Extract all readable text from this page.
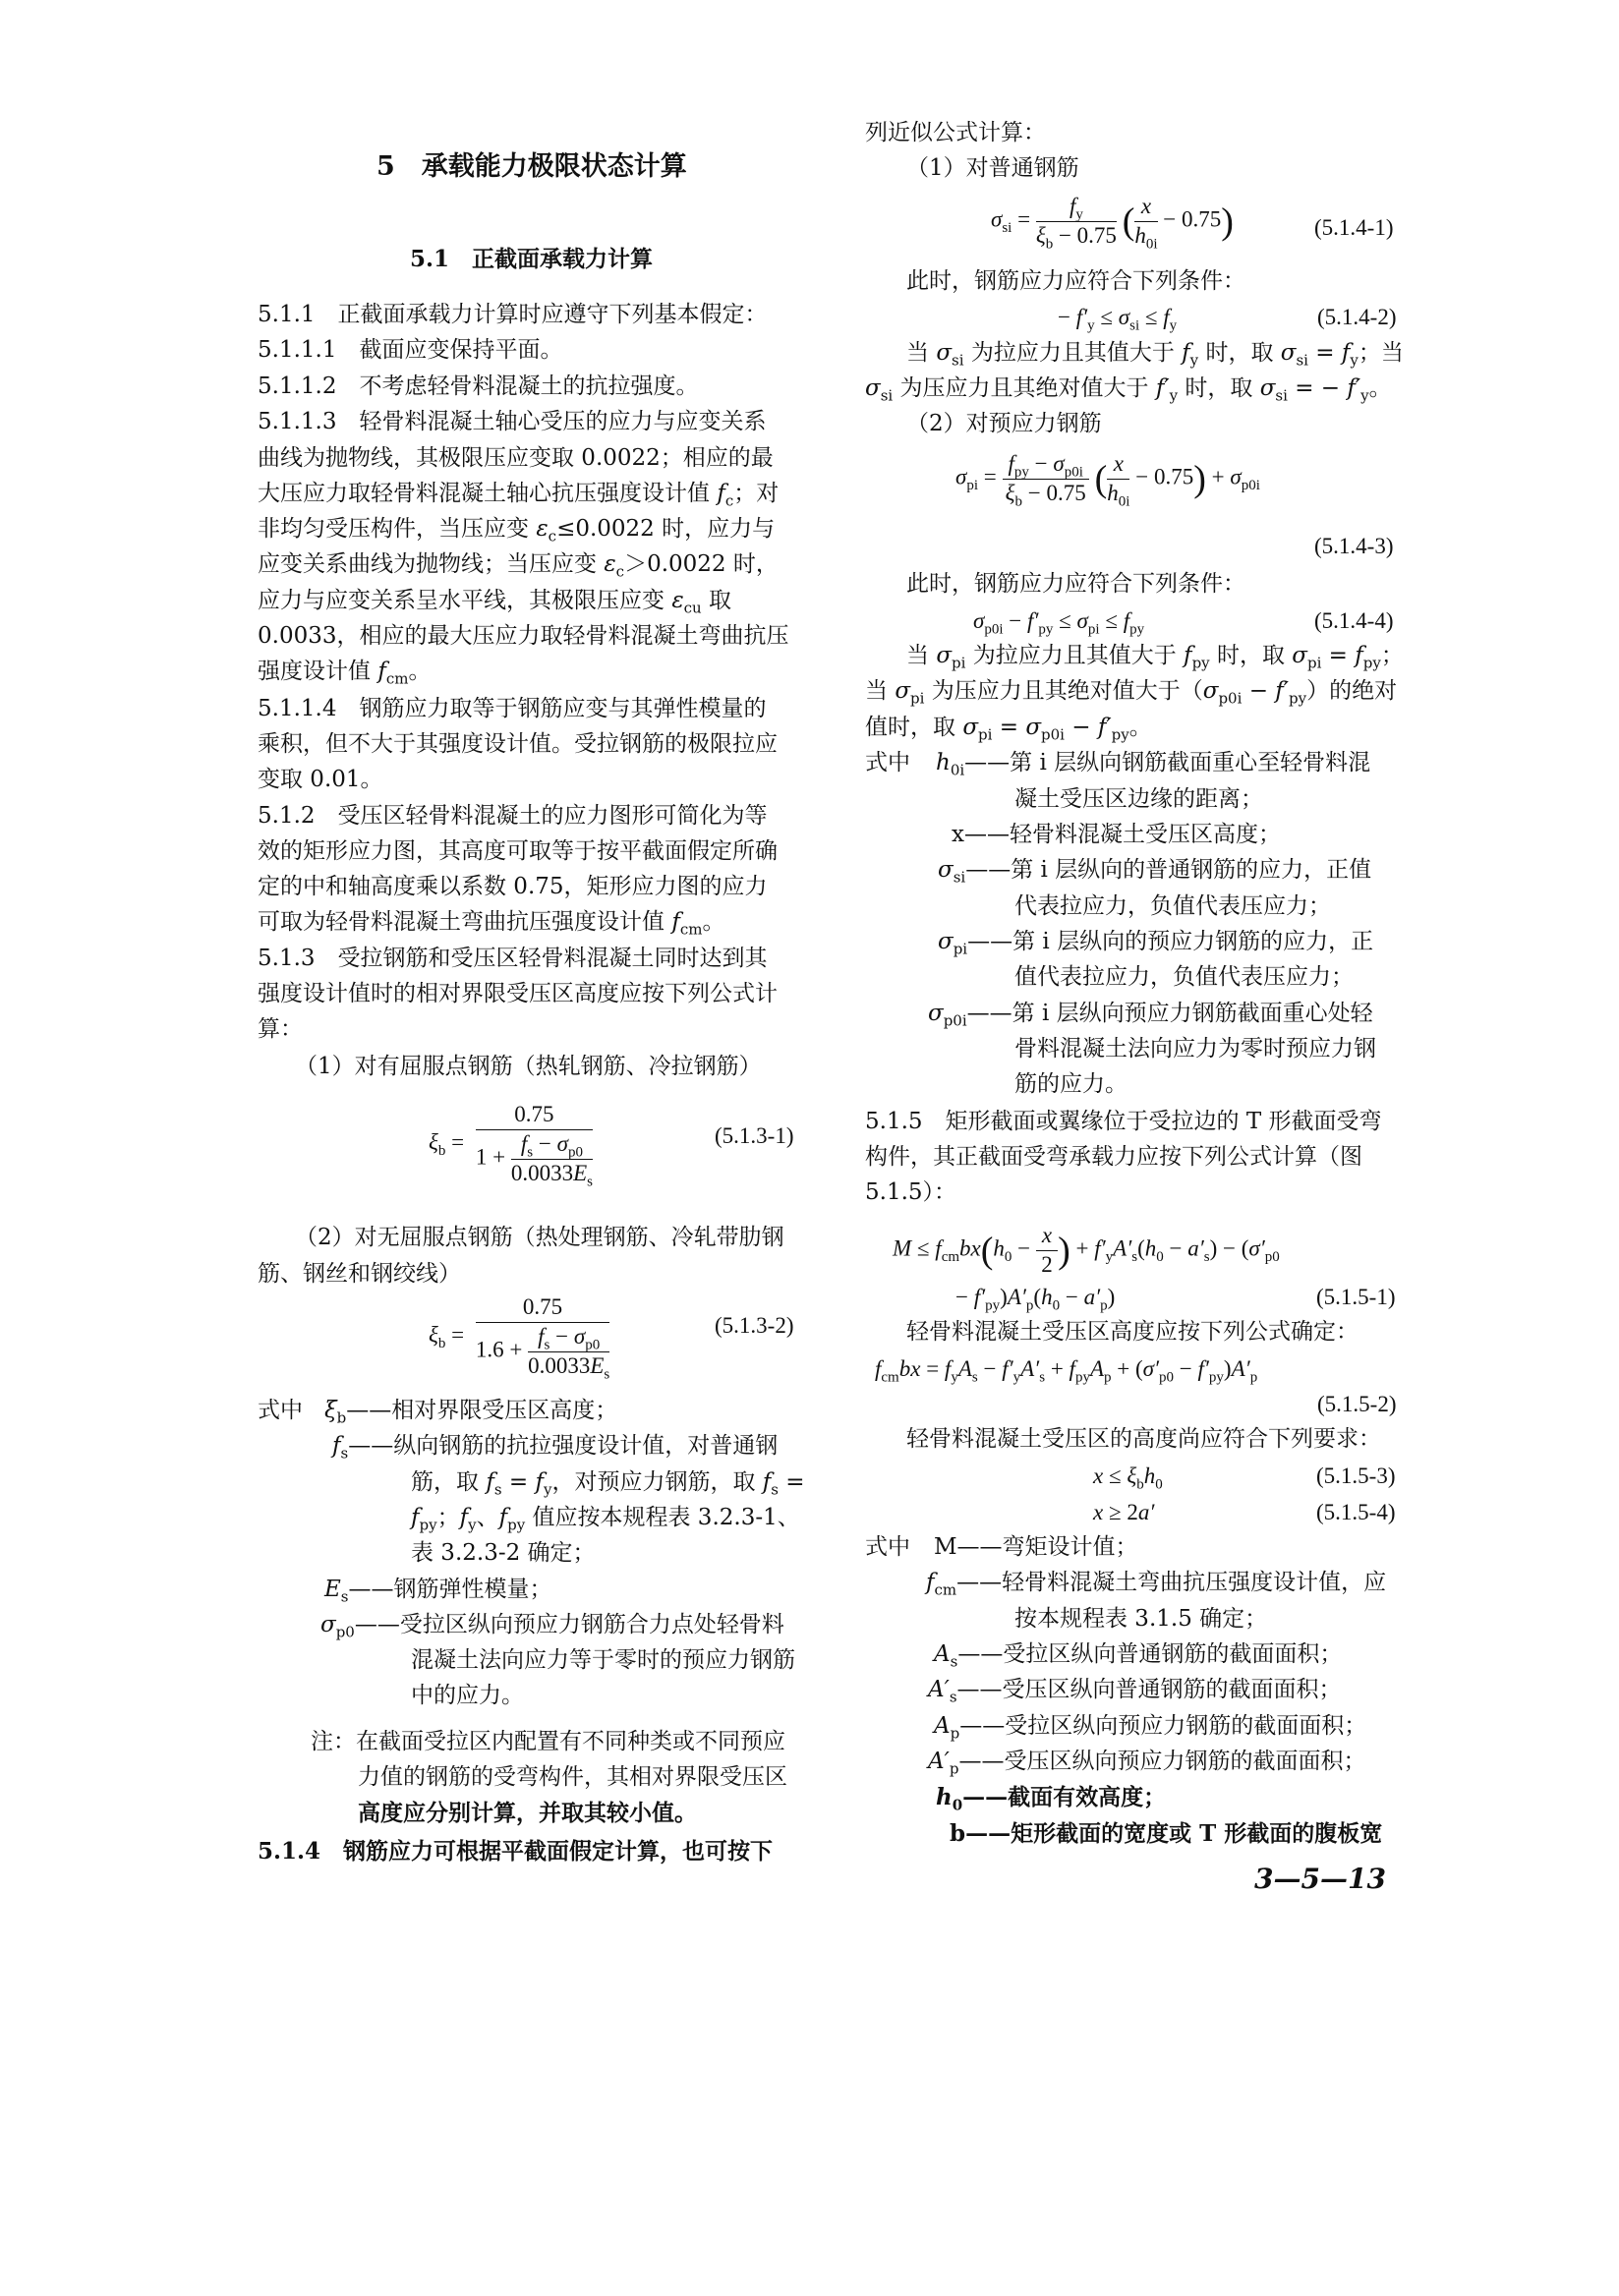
5　承载能力极限状态计算
5.1　正截面承载力计算
5.1.1　正截面承载力计算时应遵守下列基本假定：
5.1.1.1　截面应变保持平面。
5.1.1.2　不考虑轻骨料混凝土的抗拉强度。
5.1.1.3　轻骨料混凝土轴心受压的应力与应变关系
曲线为抛物线，其极限压应变取 0.0022；相应的最
大压应力取轻骨料混凝土轴心抗压强度设计值 $f_c$；对
非均匀受压构件，当压应变 $\varepsilon_c\le 0.0022$ 时，应力与
应变关系曲线为抛物线；当压应变 $\varepsilon_c>0.0022$ 时，
应力与应变关系呈水平线，其极限压应变 $\varepsilon_{cu}$ 取
0.0033，相应的最大压应力取轻骨料混凝土弯曲抗压
强度设计值 $f_{cm}$。
5.1.1.4　钢筋应力取等于钢筋应变与其弹性模量的
乘积，但不大于其强度设计值。受拉钢筋的极限拉应
变取 0.01。
5.1.2　受压区轻骨料混凝土的应力图形可简化为等
效的矩形应力图，其高度可取等于按平截面假定所确
定的中和轴高度乘以系数 0.75，矩形应力图的应力
可取为轻骨料混凝土弯曲抗压强度设计值 $f_{cm}$。
5.1.3　受拉钢筋和受压区轻骨料混凝土同时达到其
强度设计值时的相对界限受压区高度应按下列公式计
算：
（1）对有屈服点钢筋（热轧钢筋、冷拉钢筋）
$\xi_b = \frac{0.75}{1 + \frac{f_s - \sigma_{p0}}{0.0033E_s}}$	(5.1.3-1)
（2）对无屈服点钢筋（热处理钢筋、冷轧带肋钢
筋、钢丝和钢绞线）
$\xi_b = \frac{0.75}{1.6 + \frac{f_s - \sigma_{p0}}{0.0033E_s}}$	(5.1.3-2)
式中 $\xi_b——$相对界限受压区高度；
$f_s——$纵向钢筋的抗拉强度设计值，对普通钢
筋，取 $f_s = f_y$，对预应力钢筋，取 $f_s$ =
$f_{py}$；$f_y$、$f_{py}$ 值应按本规程表 3.2.3-1、
表 3.2.3-2 确定；
$E_s——$钢筋弹性模量；
$\sigma_{p0}——$受拉区纵向预应力钢筋合力点处轻骨料
混凝土法向应力等于零时的预应力钢筋
中的应力。
注：在截面受拉区内配置有不同种类或不同预应
力值的钢筋的受弯构件，其相对界限受压区
高度应分别计算，并取其较小值。
5.1.4　钢筋应力可根据平截面假定计算，也可按下
列近似公式计算：
（1）对普通钢筋
$\sigma_{si} = \frac{f_y}{\xi_b - 0.75}$ ( $\frac{x}{h_{0i}} - 0.75$)	(5.1.4-1)
此时，钢筋应力应符合下列条件：
− $f'_y \le \sigma_{si} \le f_y$	(5.1.4-2)
当 $\sigma_{si}$ 为拉应力且其值大于 $f_y$ 时，取 $\sigma_{si} = f_y$；当
$\sigma_{si}$ 为压应力且其绝对值大于 $f'_y$ 时，取 $\sigma_{si}$ = − $f'_y$。
（2）对预应力钢筋
$\sigma_{pi} = \frac{f_{py} - \sigma_{p0i}}{\xi_b - 0.75}$ ( $\frac{x}{h_{0i}} - 0.75) + \sigma_{p0i}$
(5.1.4-3)
此时，钢筋应力应符合下列条件：
$\sigma_{p0i} - f'_{py} \le \sigma_{pi} \le f_{py}$	(5.1.4-4)
当 $\sigma_{pi}$ 为拉应力且其值大于 $f_{py}$ 时，取 $\sigma_{pi} = f_{py}$；
当 $\sigma_{pi}$ 为压应力且其绝对值大于$(\sigma_{p0i} - f'_{py})$的绝对
值时，取 $\sigma_{pi} = \sigma_{p0i} - f'_{py}$。
式中 $h_{0i}——$第 i 层纵向钢筋截面重心至轻骨料混
凝土受压区边缘的距离；
x——轻骨料混凝土受压区高度；
$\sigma_{si}——$第 i 层纵向的普通钢筋的应力，正值
代表拉应力，负值代表压应力；
$\sigma_{pi}——$第 i 层纵向的预应力钢筋的应力，正
值代表拉应力，负值代表压应力；
$\sigma_{p0i}——$第 i 层纵向预应力钢筋截面重心处轻
骨料混凝土法向应力为零时预应力钢
筋的应力。
5.1.5　矩形截面或翼缘位于受拉边的 T 形截面受弯
构件，其正截面受弯承载力应按下列公式计算（图
5.1.5）：
$M \le f_{cm}bx(h_0 - \frac{x}{2}$ ) + $f'_yA'_s(h_0 - a'_s) - (\sigma'_{p0}$
− $f'_{py})A'_p(h_0 - a'_p)$	(5.1.5-1)
轻骨料混凝土受压区高度应按下列公式确定：
$f_{cm}bx = f_yA_s - f'_yA'_s + f_{py}A_p + (\sigma'_{p0} - f'_{py})A'_p$
(5.1.5-2)
轻骨料混凝土受压区的高度尚应符合下列要求：
$x \le \xi_bh_0$	(5.1.5-3)
x ≥ 2a′	(5.1.5-4)
式中 M——弯矩设计值；
$f_{cm}——$轻骨料混凝土弯曲抗压强度设计值，应
按本规程表 3.1.5 确定；
$A_s——$受拉区纵向普通钢筋的截面面积；
$A'_s——$受压区纵向普通钢筋的截面面积；
$A_p——$受拉区纵向预应力钢筋的截面面积；
$A'_p——$受压区纵向预应力钢筋的截面面积；
$h_0——$截面有效高度；
b——矩形截面的宽度或 T 形截面的腹板宽
3—5—13
